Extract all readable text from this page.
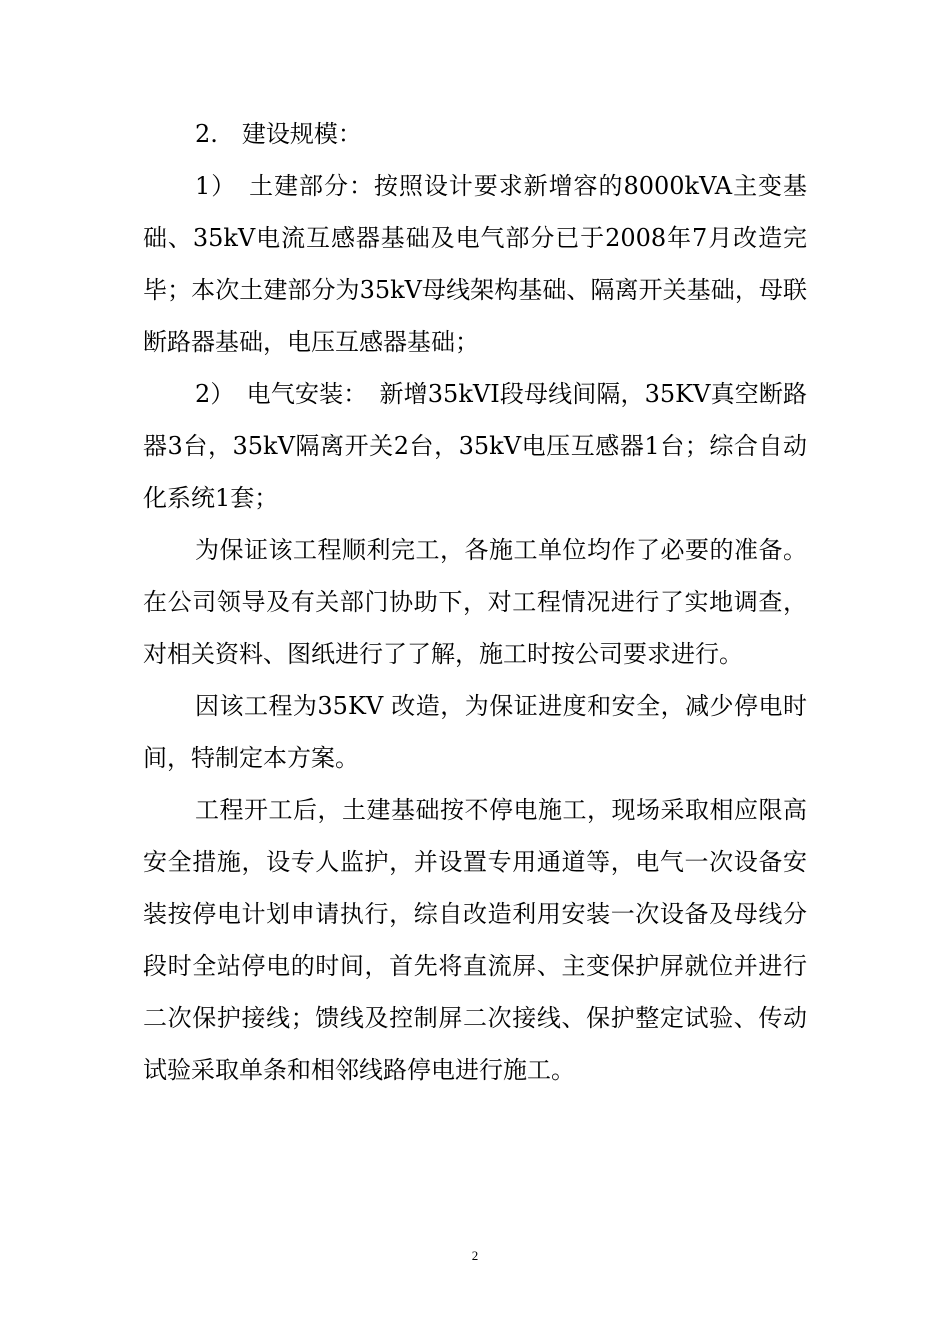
2.　建设规模：

1）　土建部分：按照设计要求新增容的8000kVA主变基础、35kV电流互感器基础及电气部分已于2008年7月改造完毕；本次土建部分为35kV母线架构基础、隔离开关基础，母联断路器基础，电压互感器基础；

2）　电气安装：　新增35kVI段母线间隔，35KV真空断路器3台，35kV隔离开关2台，35kV电压互感器1台；综合自动化系统1套；

为保证该工程顺利完工，各施工单位均作了必要的准备。在公司领导及有关部门协助下，对工程情况进行了实地调查，对相关资料、图纸进行了了解，施工时按公司要求进行。

因该工程为35KV 改造，为保证进度和安全，减少停电时间，特制定本方案。

工程开工后，土建基础按不停电施工，现场采取相应限高安全措施，设专人监护，并设置专用通道等，电气一次设备安装按停电计划申请执行，综自改造利用安装一次设备及母线分段时全站停电的时间，首先将直流屏、主变保护屏就位并进行二次保护接线；馈线及控制屏二次接线、保护整定试验、传动试验采取单条和相邻线路停电进行施工。

2
